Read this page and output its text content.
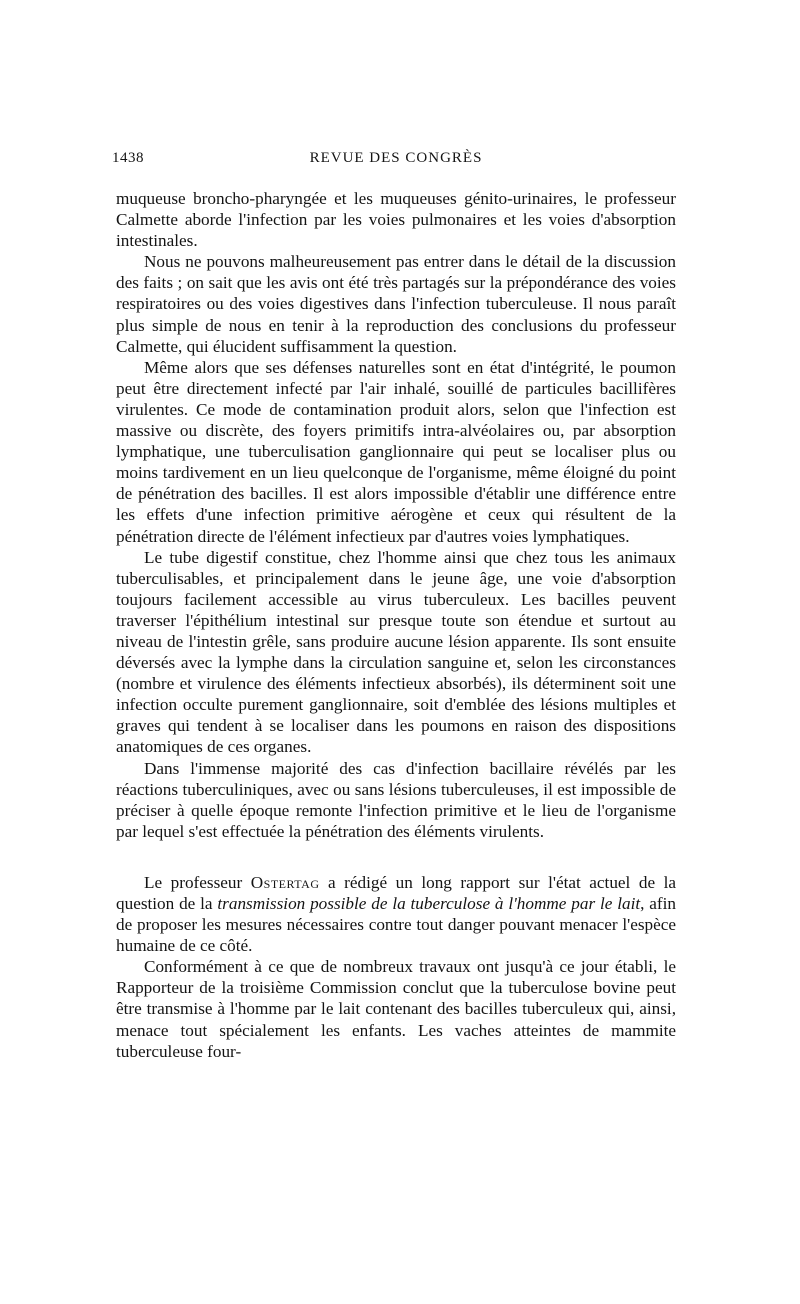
1438	REVUE DES CONGRÈS

muqueuse broncho-pharyngée et les muqueuses génito-urinaires, le professeur Calmette aborde l'infection par les voies pulmonaires et les voies d'absorption intestinales.

Nous ne pouvons malheureusement pas entrer dans le détail de la discussion des faits ; on sait que les avis ont été très partagés sur la prépondérance des voies respiratoires ou des voies digestives dans l'infection tuberculeuse. Il nous paraît plus simple de nous en tenir à la reproduction des conclusions du professeur Calmette, qui élucident suffisamment la question.

Même alors que ses défenses naturelles sont en état d'intégrité, le poumon peut être directement infecté par l'air inhalé, souillé de particules bacillifères virulentes. Ce mode de contamination produit alors, selon que l'infection est massive ou discrète, des foyers primitifs intra-alvéolaires ou, par absorption lymphatique, une tuberculisation ganglionnaire qui peut se localiser plus ou moins tardivement en un lieu quelconque de l'organisme, même éloigné du point de pénétration des bacilles. Il est alors impossible d'établir une différence entre les effets d'une infection primitive aérogène et ceux qui résultent de la pénétration directe de l'élément infectieux par d'autres voies lymphatiques.

Le tube digestif constitue, chez l'homme ainsi que chez tous les animaux tuberculisables, et principalement dans le jeune âge, une voie d'absorption toujours facilement accessible au virus tuberculeux. Les bacilles peuvent traverser l'épithélium intestinal sur presque toute son étendue et surtout au niveau de l'intestin grêle, sans produire aucune lésion apparente. Ils sont ensuite déversés avec la lymphe dans la circulation sanguine et, selon les circonstances (nombre et virulence des éléments infectieux absorbés), ils déterminent soit une infection occulte purement ganglionnaire, soit d'emblée des lésions multiples et graves qui tendent à se localiser dans les poumons en raison des dispositions anatomiques de ces organes.

Dans l'immense majorité des cas d'infection bacillaire révélés par les réactions tuberculiniques, avec ou sans lésions tuberculeuses, il est impossible de préciser à quelle époque remonte l'infection primitive et le lieu de l'organisme par lequel s'est effectuée la pénétration des éléments virulents.

Le professeur Ostertag a rédigé un long rapport sur l'état actuel de la question de la transmission possible de la tuberculose à l'homme par le lait, afin de proposer les mesures nécessaires contre tout danger pouvant menacer l'espèce humaine de ce côté.

Conformément à ce que de nombreux travaux ont jusqu'à ce jour établi, le Rapporteur de la troisième Commission conclut que la tuberculose bovine peut être transmise à l'homme par le lait contenant des bacilles tuberculeux qui, ainsi, menace tout spécialement les enfants. Les vaches atteintes de mammite tuberculeuse four-
